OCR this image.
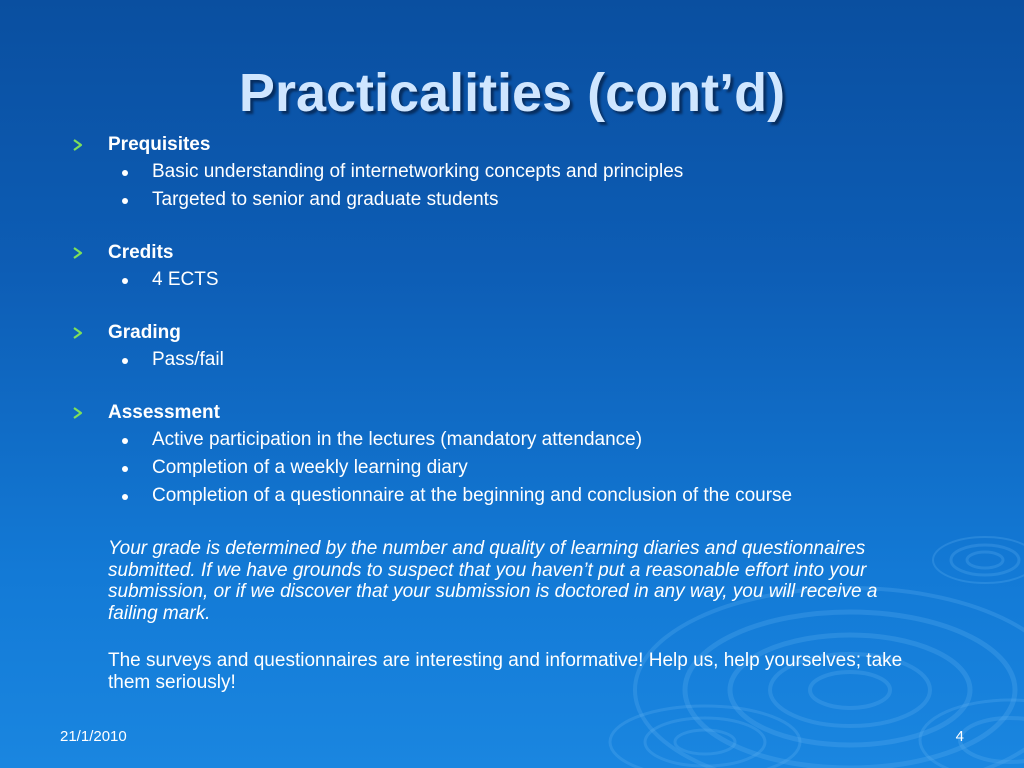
Practicalities (cont’d)
Prequisites
Basic understanding of internetworking concepts and principles
Targeted to senior and graduate students
Credits
4 ECTS
Grading
Pass/fail
Assessment
Active participation in the lectures (mandatory attendance)
Completion of a weekly learning diary
Completion of a questionnaire at the beginning and conclusion of the course

Your grade is determined by the number and quality of learning diaries and questionnaires submitted. If we have grounds to suspect that you haven’t put a reasonable effort into your submission, or if we discover that your submission is doctored in any way, you will receive a failing mark.

The surveys and questionnaires are interesting and informative! Help us, help yourselves; take them seriously!

21/1/2010	4
